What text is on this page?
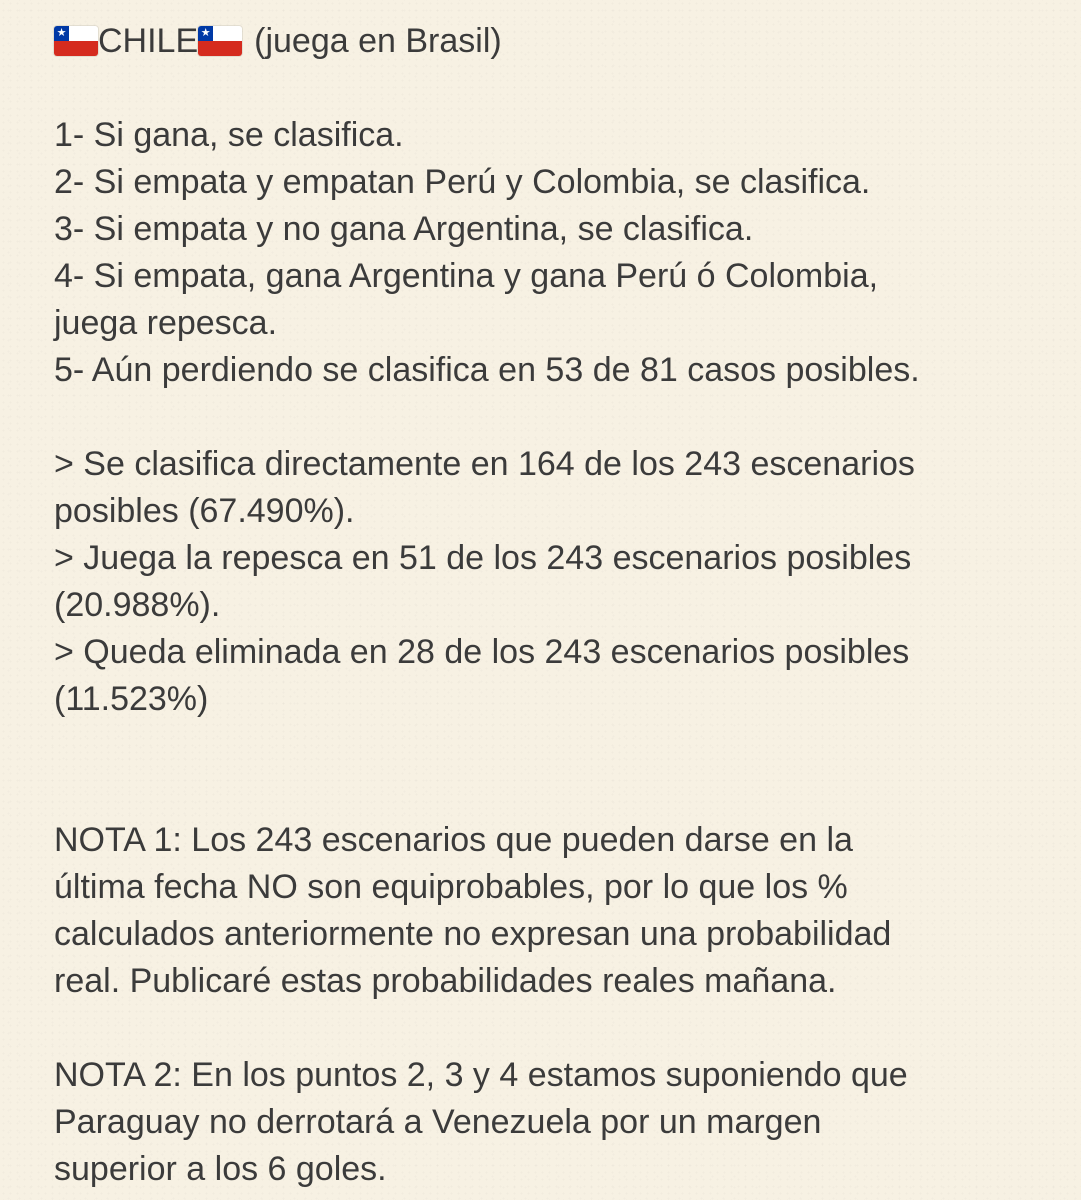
★ CHILE ★ (juega en Brasil)
1- Si gana, se clasifica.
2- Si empata y empatan Perú y Colombia, se clasifica.
3- Si empata y no gana Argentina, se clasifica.
4- Si empata, gana Argentina y gana Perú ó Colombia,
juega repesca.
5- Aún perdiendo se clasifica en 53 de 81 casos posibles.
> Se clasifica directamente en 164 de los 243 escenarios
posibles (67.490%).
> Juega la repesca en 51 de los 243 escenarios posibles
(20.988%).
> Queda eliminada en 28 de los 243 escenarios posibles
(11.523%)
NOTA 1: Los 243 escenarios que pueden darse en la
última fecha NO son equiprobables, por lo que los %
calculados anteriormente no expresan una probabilidad
real. Publicaré estas probabilidades reales mañana.
NOTA 2: En los puntos 2, 3 y 4 estamos suponiendo que
Paraguay no derrotará a Venezuela por un margen
superior a los 6 goles.
